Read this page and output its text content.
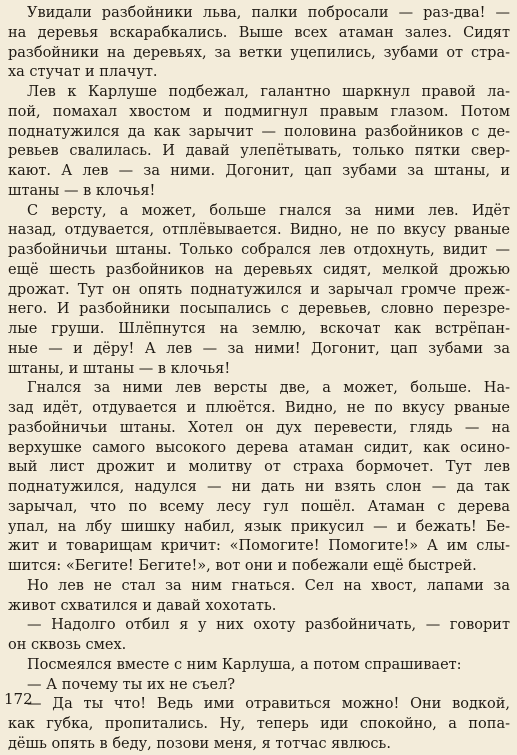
Увидали разбойники льва, палки побросали — раз-два! —
на деревья вскарабкались. Выше всех атаман залез. Сидят
разбойники на деревьях, за ветки уцепились, зубами от стра-
ха стучат и плачут.
Лев к Карлуше подбежал, галантно шаркнул правой ла-
пой, помахал хвостом и подмигнул правым глазом. Потом
поднатужился да как зарычит — половина разбойников с де-
ревьев свалилась. И давай улепётывать, только пятки свер-
кают. А лев — за ними. Догонит, цап зубами за штаны, и
штаны — в клочья!
С версту, а может, больше гнался за ними лев. Идёт
назад, отдувается, отплёвывается. Видно, не по вкусу рваные
разбойничьи штаны. Только собрался лев отдохнуть, видит —
ещё шесть разбойников на деревьях сидят, мелкой дрожью
дрожат. Тут он опять поднатужился и зарычал громче преж-
него. И разбойники посыпались с деревьев, словно перезре-
лые груши. Шлёпнутся на землю, вскочат как встрёпан-
ные — и дёру! А лев — за ними! Догонит, цап зубами за
штаны, и штаны — в клочья!
Гнался за ними лев версты две, а может, больше. На-
зад идёт, отдувается и плюётся. Видно, не по вкусу рваные
разбойничьи штаны. Хотел он дух перевести, глядь — на
верхушке самого высокого дерева атаман сидит, как осино-
вый лист дрожит и молитву от страха бормочет. Тут лев
поднатужился, надулся — ни дать ни взять слон — да так
зарычал, что по всему лесу гул пошёл. Атаман с дерева
упал, на лбу шишку набил, язык прикусил — и бежать! Бе-
жит и товарищам кричит: «Помогите! Помогите!» А им слы-
шится: «Бегите! Бегите!», вот они и побежали ещё быстрей.
Но лев не стал за ним гнаться. Сел на хвост, лапами за
живот схватился и давай хохотать.
— Надолго отбил я у них охоту разбойничать, — говорит
он сквозь смех.
Посмеялся вместе с ним Карлуша, а потом спрашивает:
— А почему ты их не съел?
— Да ты что! Ведь ими отравиться можно! Они водкой,
как губка, пропитались. Ну, теперь иди спокойно, а попа-
дёшь опять в беду, позови меня, я тотчас явлюсь.
172
